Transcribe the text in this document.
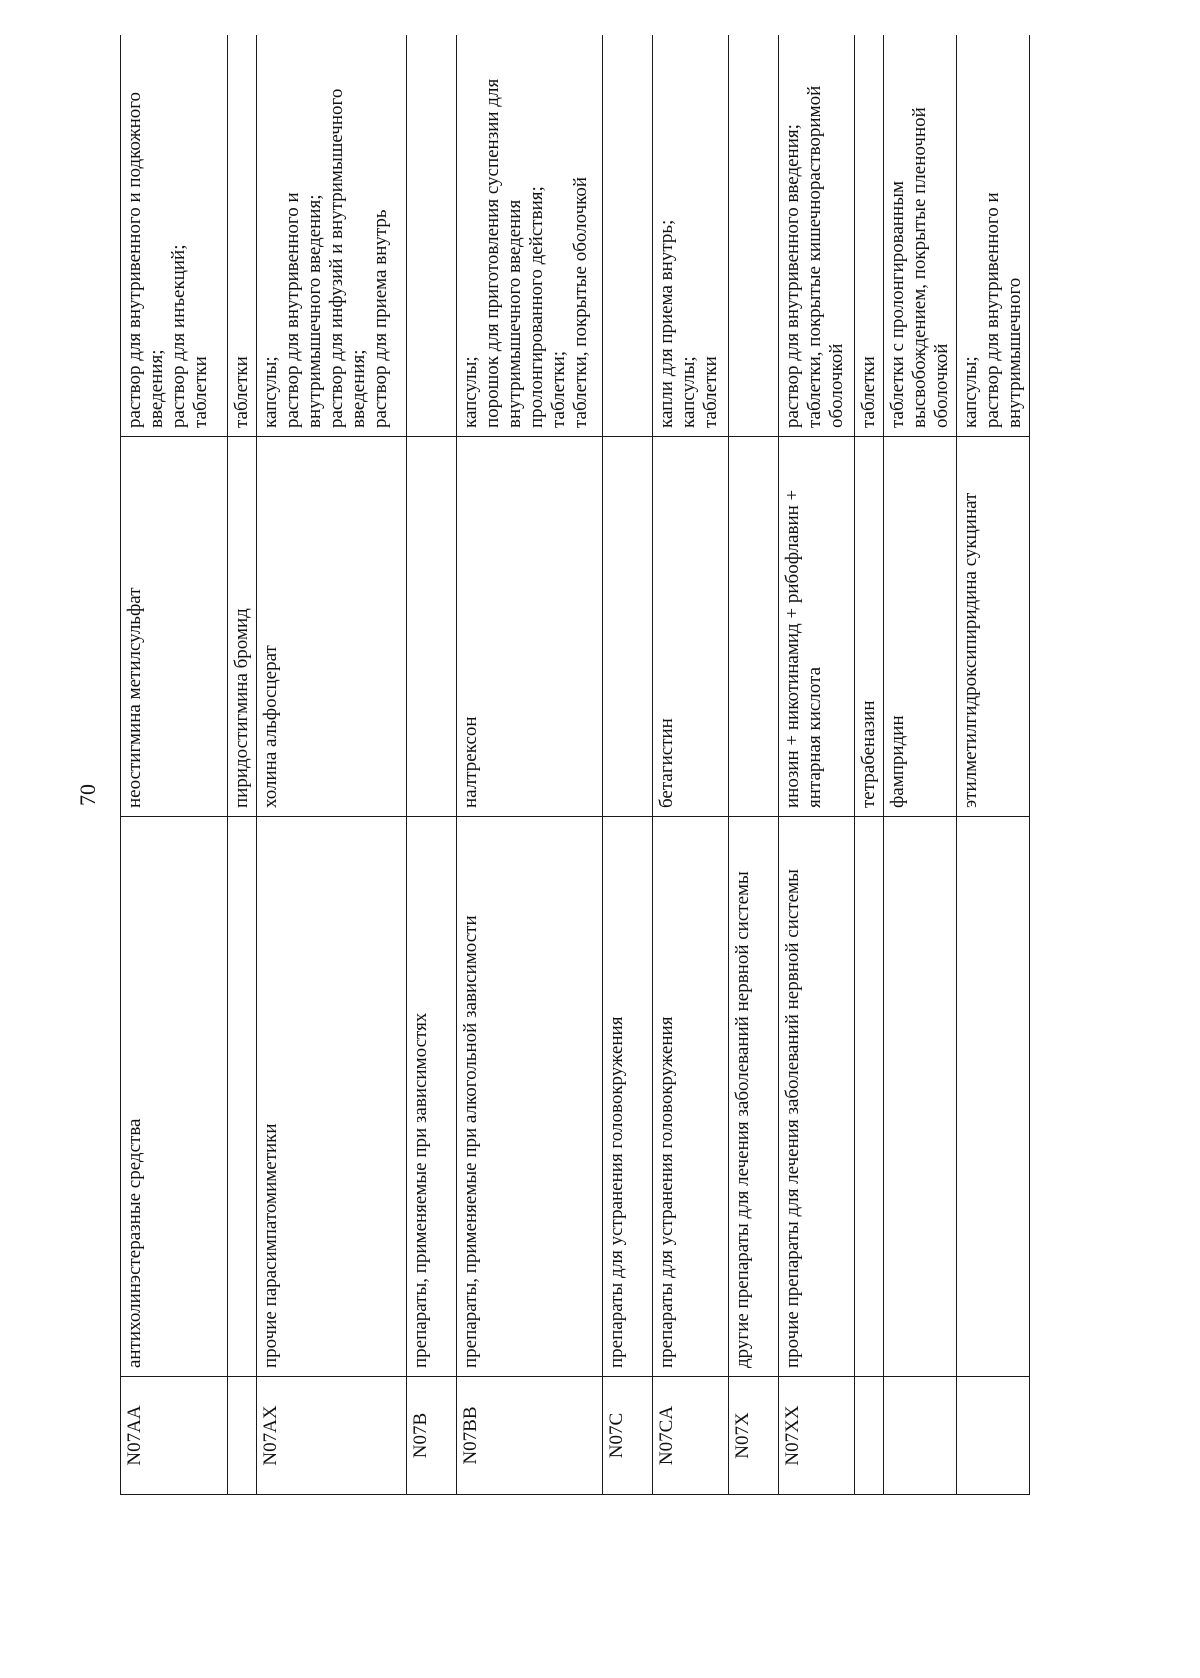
70
N07AA	антихолинэстеразные средства	неостигмина метилсульфат	раствор для внутривенного и подкожного введения; раствор для инъекций; таблетки

		пиридостигмина бромид	таблетки

N07AX	прочие парасимпатомиметики	холина альфосцерат	капсулы; раствор для внутривенного и внутримышечного введения; раствор для инфузий и внутримышечного введения; раствор для приема внутрь

N07B	препараты, применяемые при зависимостях		
N07BB	препараты, применяемые при алкогольной зависимости	налтрексон	капсулы; порошок для приготовления суспензии для внутримышечного введения пролонгированного действия; таблетки; таблетки, покрытые оболочкой

N07C	препараты для устранения головокружения		
N07CA	препараты для устранения головокружения	бетагистин	капли для приема внутрь; капсулы; таблетки

N07X	другие препараты для лечения заболеваний нервной системы		
N07XX	прочие препараты для лечения заболеваний нервной системы	инозин + никотинамид + рибофлавин + янтарная кислота	раствор для внутривенного введения; таблетки, покрытые кишечнорастворимой оболочкой

		тетрабеназин	таблетки

		фампридин	таблетки с пролонгированным высвобождением, покрытые пленочной оболочкой

		этилметилгидроксипиридина сукцинат	капсулы; раствор для внутривенного и внутримышечного
